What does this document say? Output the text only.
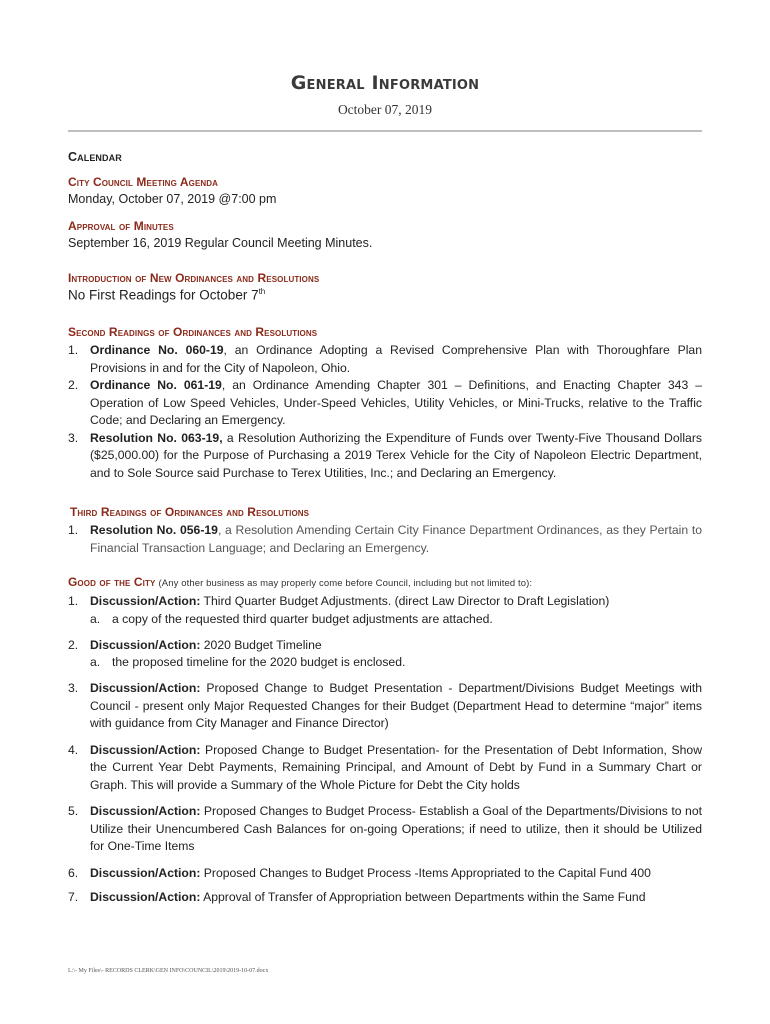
General Information
October 07, 2019
Calendar
City Council Meeting Agenda
Monday, October 07, 2019 @7:00 pm
Approval of Minutes
September 16, 2019 Regular Council Meeting Minutes.
Introduction of New Ordinances and Resolutions
No First Readings for October 7th
Second Readings of Ordinances and Resolutions
1. Ordinance No. 060-19, an Ordinance Adopting a Revised Comprehensive Plan with Thoroughfare Plan Provisions in and for the City of Napoleon, Ohio.
2. Ordinance No. 061-19, an Ordinance Amending Chapter 301 – Definitions, and Enacting Chapter 343 – Operation of Low Speed Vehicles, Under-Speed Vehicles, Utility Vehicles, or Mini-Trucks, relative to the Traffic Code; and Declaring an Emergency.
3. Resolution No. 063-19, a Resolution Authorizing the Expenditure of Funds over Twenty-Five Thousand Dollars ($25,000.00) for the Purpose of Purchasing a 2019 Terex Vehicle for the City of Napoleon Electric Department, and to Sole Source said Purchase to Terex Utilities, Inc.; and Declaring an Emergency.
Third Readings of Ordinances and Resolutions
1. Resolution No. 056-19, a Resolution Amending Certain City Finance Department Ordinances, as they Pertain to Financial Transaction Language; and Declaring an Emergency.
Good of the City (Any other business as may properly come before Council, including but not limited to):
1. Discussion/Action: Third Quarter Budget Adjustments. (direct Law Director to Draft Legislation)
a. a copy of the requested third quarter budget adjustments are attached.
2. Discussion/Action: 2020 Budget Timeline
a. the proposed timeline for the 2020 budget is enclosed.
3. Discussion/Action: Proposed Change to Budget Presentation - Department/Divisions Budget Meetings with Council - present only Major Requested Changes for their Budget (Department Head to determine “major” items with guidance from City Manager and Finance Director)
4. Discussion/Action: Proposed Change to Budget Presentation- for the Presentation of Debt Information, Show the Current Year Debt Payments, Remaining Principal, and Amount of Debt by Fund in a Summary Chart or Graph. This will provide a Summary of the Whole Picture for Debt the City holds
5. Discussion/Action: Proposed Changes to Budget Process- Establish a Goal of the Departments/Divisions to not Utilize their Unencumbered Cash Balances for on-going Operations; if need to utilize, then it should be Utilized for One-Time Items
6. Discussion/Action: Proposed Changes to Budget Process -Items Appropriated to the Capital Fund 400
7. Discussion/Action: Approval of Transfer of Appropriation between Departments within the Same Fund
L:\- My Files\- RECORDS CLERK\GEN INFO\COUNCIL\2019\2019-10-07.docx
